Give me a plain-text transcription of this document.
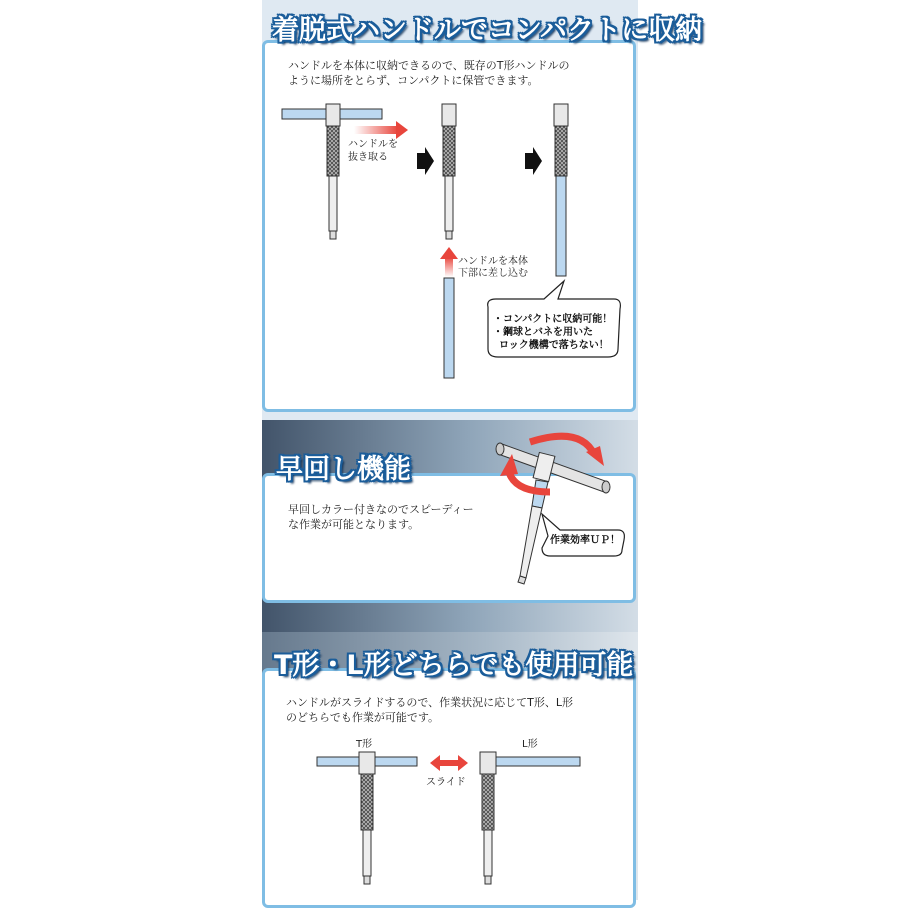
着脱式ハンドルでコンパクトに収納
ハンドルを本体に収納できるので、既存のT形ハンドルの
ように場所をとらず、コンパクトに保管できます。
ハンドルを
抜き取る
ハンドルを本体
下部に差し込む
・コンパクトに収納可能！
・鋼球とバネを用いた
ロック機構で落ちない！
早回し機能
早回しカラー付きなのでスピーディー
な作業が可能となります。
作業効率ＵＰ！
T形・L形どちらでも使用可能
ハンドルがスライドするので、作業状況に応じてT形、L形
のどちらでも作業が可能です。
T形	L形
スライド
